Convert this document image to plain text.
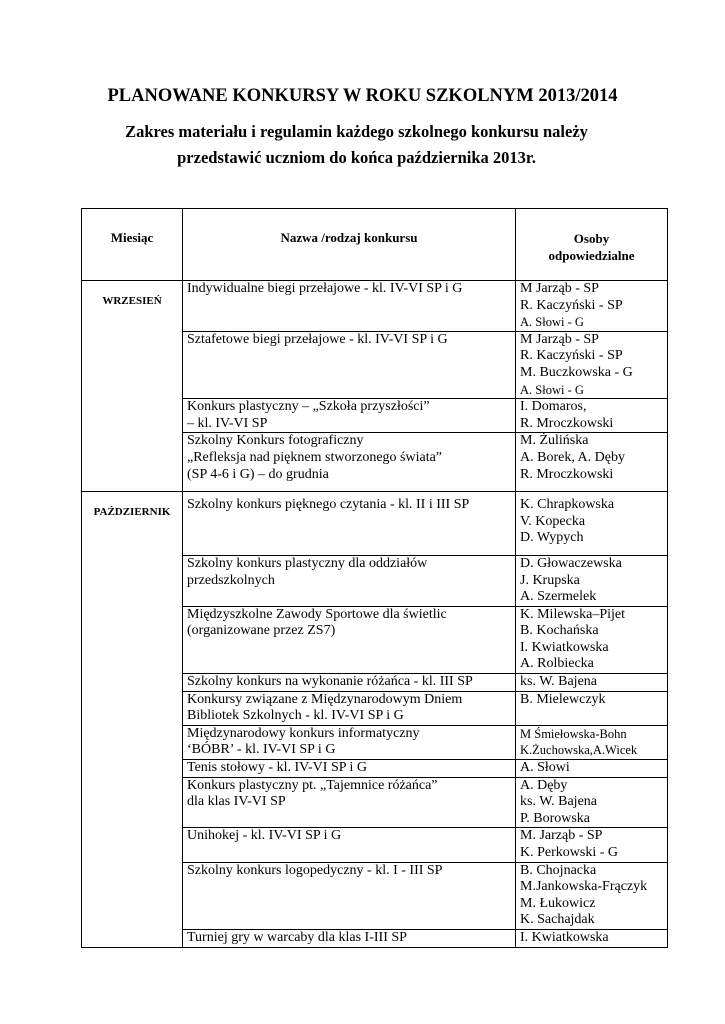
PLANOWANE KONKURSY W ROKU SZKOLNYM 2013/2014
Zakres materiału i regulamin każdego szkolnego konkursu należy
przedstawić uczniom do końca października 2013r.
Miesiąc	Nazwa /rodzaj konkursu	Osoby
odpowiedzialne

WRZESIEŃ	Indywidualne biegi przełajowe - kl. IV-VI SP i G	M Jarząb - SP
R. Kaczyński - SP
A. Słowi - G

	Sztafetowe biegi przełajowe - kl. IV-VI SP i G	M Jarząb - SP
R. Kaczyński - SP
M. Buczkowska - G
A. Słowi - G

	Konkurs plastyczny – „Szkoła przyszłości”
– kl. IV-VI SP	I. Domaros,
R. Mroczkowski

	Szkolny Konkurs fotograficzny
„Refleksja nad pięknem stworzonego świata”
(SP 4-6 i G) – do grudnia	M. Żulińska
A. Borek, A. Dęby
R. Mroczkowski

PAŹDZIERNIK	Szkolny konkurs pięknego czytania - kl. II i III SP	K. Chrapkowska
V. Kopecka
D. Wypych

	Szkolny konkurs plastyczny dla oddziałów
przedszkolnych	D. Głowaczewska
J. Krupska
A. Szermelek

	Międzyszkolne Zawody Sportowe dla świetlic
(organizowane przez ZS7)	K. Milewska–Pijet
B. Kochańska
I. Kwiatkowska
A. Rolbiecka

	Szkolny konkurs na wykonanie różańca - kl. III SP	ks. W. Bajena

	Konkursy związane z Międzynarodowym Dniem
Bibliotek Szkolnych - kl. IV-VI SP i G	B. Mielewczyk

	Międzynarodowy konkurs informatyczny
‘BÓBR’ - kl. IV-VI SP i G	M Śmiełowska-Bohn
K.Żuchowska,A.Wicek

	Tenis stołowy - kl. IV-VI SP i G	A. Słowi

	Konkurs plastyczny pt. „Tajemnice różańca”
dla klas IV-VI SP	A. Dęby
ks. W. Bajena
P. Borowska

	Unihokej - kl. IV-VI SP i G	M. Jarząb - SP
K. Perkowski - G

	Szkolny konkurs logopedyczny - kl. I - III SP	B. Chojnacka
M.Jankowska-Frączyk
M. Łukowicz
K. Sachajdak

	Turniej gry w warcaby dla klas I-III SP	I. Kwiatkowska
